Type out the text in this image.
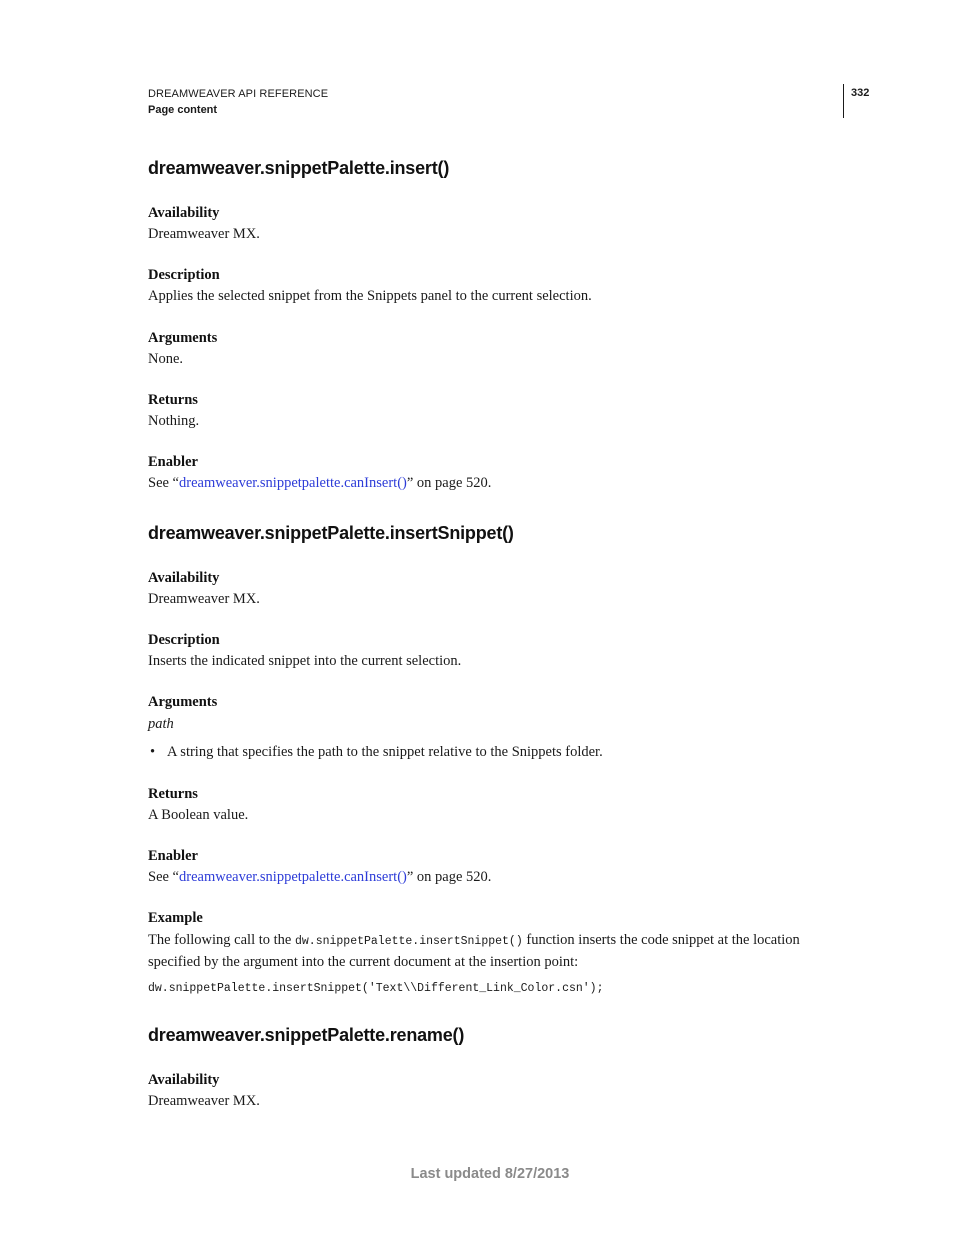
DREAMWEAVER API REFERENCE
Page content
332
dreamweaver.snippetPalette.insert()
Availability
Dreamweaver MX.
Description
Applies the selected snippet from the Snippets panel to the current selection.
Arguments
None.
Returns
Nothing.
Enabler
See “dreamweaver.snippetpalette.canInsert()” on page 520.
dreamweaver.snippetPalette.insertSnippet()
Availability
Dreamweaver MX.
Description
Inserts the indicated snippet into the current selection.
Arguments
path
• A string that specifies the path to the snippet relative to the Snippets folder.
Returns
A Boolean value.
Enabler
See “dreamweaver.snippetpalette.canInsert()” on page 520.
Example
The following call to the dw.snippetPalette.insertSnippet() function inserts the code snippet at the location specified by the argument into the current document at the insertion point:
dw.snippetPalette.insertSnippet('Text\\Different_Link_Color.csn');
dreamweaver.snippetPalette.rename()
Availability
Dreamweaver MX.
Last updated 8/27/2013
